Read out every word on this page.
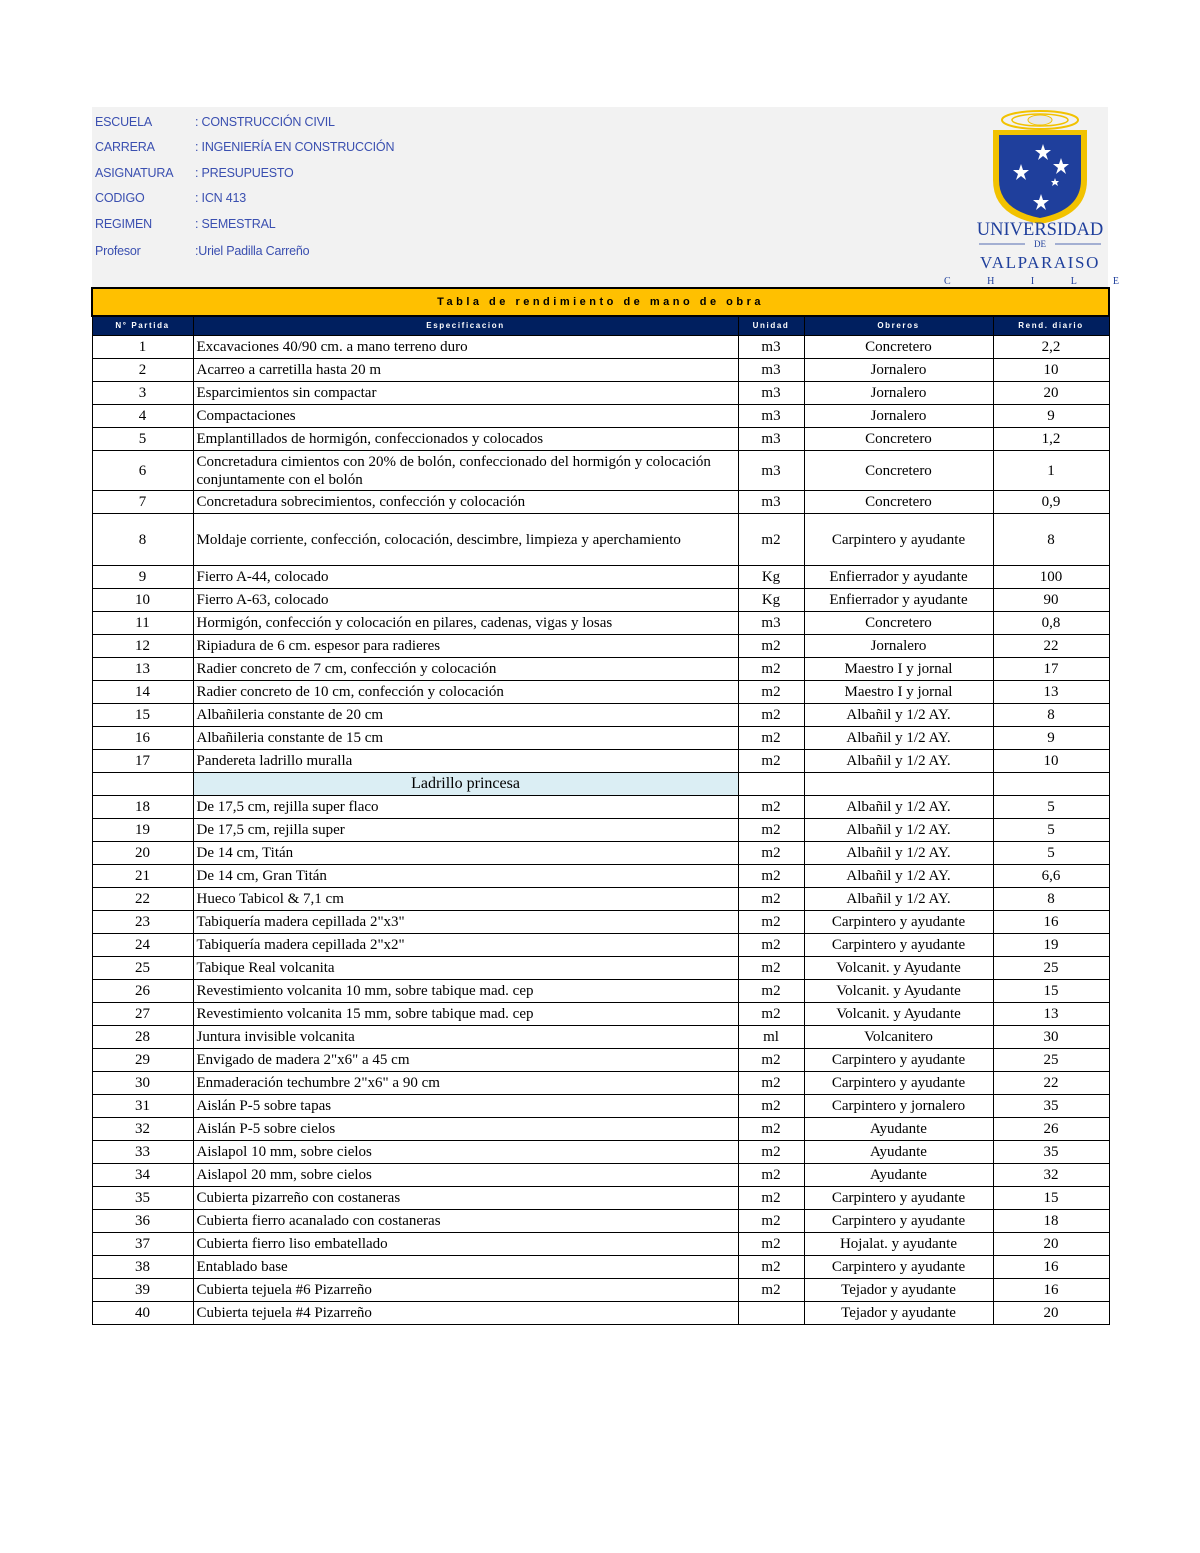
ESCUELA	: CONSTRUCCIÓN CIVIL
CARRERA	: INGENIERÍA EN CONSTRUCCIÓN
ASIGNATURA : PRESUPUESTO
CODIGO	: ICN 413
REGIMEN	: SEMESTRAL
Profesor	:Uriel Padilla Carreño
UNIVERSIDAD
DE
VALPARAISO
C H I L E
Tabla de rendimiento de mano de obra				
N° Partida	Especificacion	Unidad	Obreros	Rend. diario
1	Excavaciones 40/90 cm. a mano terreno duro	m3	Concretero	2,2
2	Acarreo a carretilla hasta 20 m	m3	Jornalero	10
3	Esparcimientos sin compactar	m3	Jornalero	20
4	Compactaciones	m3	Jornalero	9
5	Emplantillados de hormigón, confeccionados y colocados	m3	Concretero	1,2
6	Concretadura cimientos con 20% de bolón, confeccionado del hormigón y colocación conjuntamente con el bolón	m3	Concretero	1
7	Concretadura sobrecimientos, confección y colocación	m3	Concretero	0,9
8	Moldaje corriente, confección, colocación, descimbre, limpieza y aperchamiento	m2	Carpintero y ayudante	8
9	Fierro A-44, colocado	Kg	Enfierrador y ayudante	100
10	Fierro A-63, colocado	Kg	Enfierrador y ayudante	90
11	Hormigón, confección y colocación en pilares, cadenas, vigas y losas	m3	Concretero	0,8
12	Ripiadura de 6 cm. espesor para radieres	m2	Jornalero	22
13	Radier concreto de 7 cm, confección y colocación	m2	Maestro I y jornal	17
14	Radier concreto de 10 cm, confección y colocación	m2	Maestro I y jornal	13
15	Albañileria constante de 20 cm	m2	Albañil y 1/2 AY.	8
16	Albañileria constante de 15 cm	m2	Albañil y 1/2 AY.	9
17	Pandereta ladrillo muralla	m2	Albañil y 1/2 AY.	10
	Ladrillo princesa			
18	De 17,5 cm, rejilla super flaco	m2	Albañil y 1/2 AY.	5
19	De 17,5 cm, rejilla super	m2	Albañil y 1/2 AY.	5
20	De 14 cm, Titán	m2	Albañil y 1/2 AY.	5
21	De 14 cm, Gran Titán	m2	Albañil y 1/2 AY.	6,6
22	Hueco Tabicol & 7,1 cm	m2	Albañil y 1/2 AY.	8
23	Tabiquería madera cepillada 2"x3"	m2	Carpintero y ayudante	16
24	Tabiquería madera cepillada 2"x2"	m2	Carpintero y ayudante	19
25	Tabique Real volcanita	m2	Volcanit. y Ayudante	25
26	Revestimiento volcanita 10 mm, sobre tabique mad. cep	m2	Volcanit. y Ayudante	15
27	Revestimiento volcanita 15 mm, sobre tabique mad. cep	m2	Volcanit. y Ayudante	13
28	Juntura invisible volcanita	ml	Volcanitero	30
29	Envigado de madera 2"x6" a 45 cm	m2	Carpintero y ayudante	25
30	Enmaderación techumbre 2"x6" a 90 cm	m2	Carpintero y ayudante	22
31	Aislán P-5 sobre tapas	m2	Carpintero y jornalero	35
32	Aislán P-5 sobre cielos	m2	Ayudante	26
33	Aislapol 10 mm, sobre cielos	m2	Ayudante	35
34	Aislapol 20 mm, sobre cielos	m2	Ayudante	32
35	Cubierta pizarreño con costaneras	m2	Carpintero y ayudante	15
36	Cubierta fierro acanalado con costaneras	m2	Carpintero y ayudante	18
37	Cubierta fierro liso embatellado	m2	Hojalat. y ayudante	20
38	Entablado base	m2	Carpintero y ayudante	16
39	Cubierta tejuela #6 Pizarreño	m2	Tejador y ayudante	16
40	Cubierta tejuela #4 Pizarreño		Tejador y ayudante	20
